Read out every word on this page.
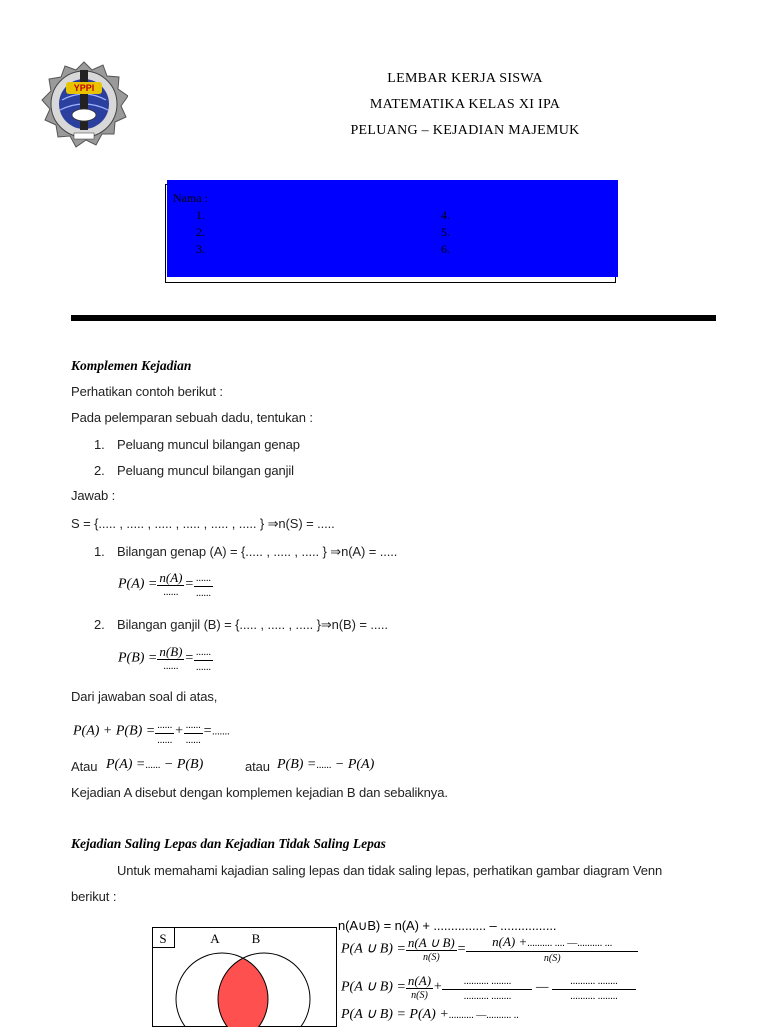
YPPI
LEMBAR KERJA SISWA
MATEMATIKA KELAS XI IPA
PELUANG – KEJADIAN MAJEMUK
Nama :
1.
2.
3.
4.
5.
6.
Komplemen Kejadian
Perhatikan contoh berikut :
Pada pelemparan sebuah dadu, tentukan :
1. Peluang muncul bilangan genap
2. Peluang muncul bilangan ganjil
Jawab :
S = {..... , ..... , ..... , ..... , ..... , ..... } ⇒n(S) = .....
1. Bilangan genap (A) = {..... , ..... , ..... } ⇒n(A) = .....
$P(A) = \frac{n(A)}{......} = \frac{......}{......}$
2. Bilangan ganjil (B) = {..... , ..... , ..... }⇒n(B) = .....
$P(B) = \frac{n(B)}{......} = \frac{......}{......}$
Dari jawaban soal di atas,
$P(A) + P(B) = \frac{......}{......} + \frac{......}{......}$ =.......
Atau P(A) =...... − P(B)	atau P(B) =...... − P(A)
Kejadian A disebut dengan komplemen kejadian B dan sebaliknya.
Kejadian Saling Lepas dan Kejadian Tidak Saling Lepas
Untuk memahami kajadian saling lepas dan tidak saling lepas, perhatikan gambar diagram Venn
berikut :
S	A B
n(A∪B) = n(A) + ............... – ................
P(A ∪ $B) = \frac{n(A \cup B)}{n(S)} = \frac{n(A) +.......... .... —.......... ...}{n(S)}$
P(A ∪ $B) = \frac{n(A)}{n(S)} + \frac{.......... ........}{.......... ........}$ — $\frac{.......... ........}{.......... ........}$
P(A ∪ B) = P(A) +.......... —.......... ..
